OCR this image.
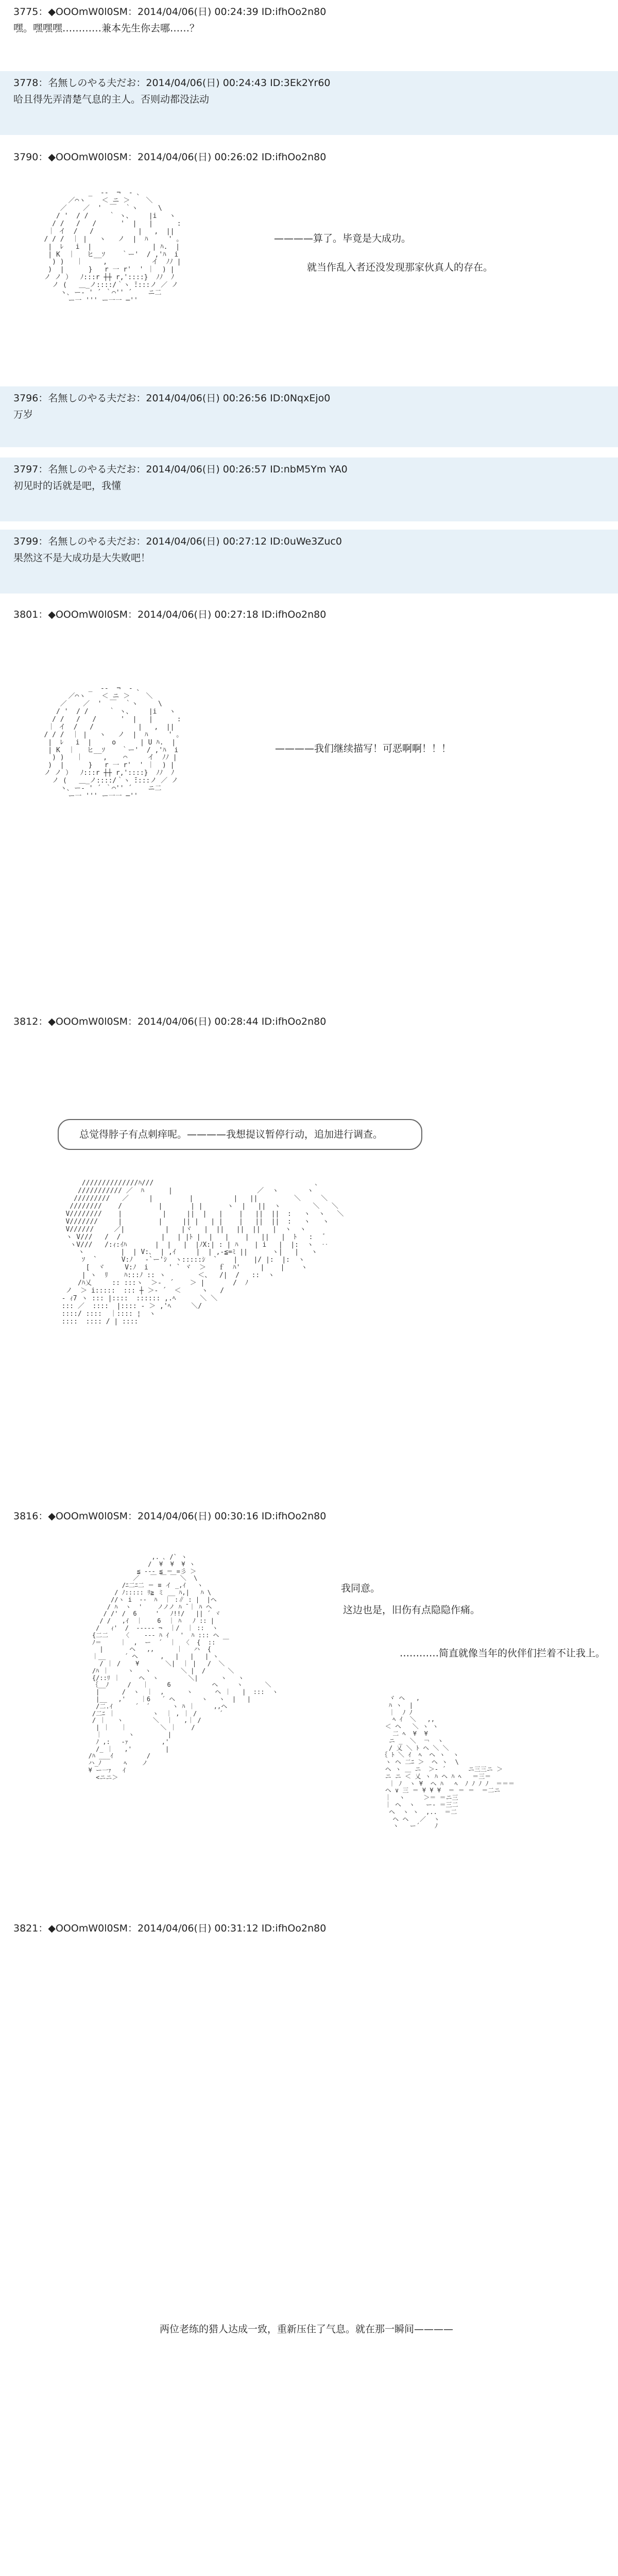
3775：◆OOOmW0l0SM：2014/04/06(日) 00:24:39 ID:ifhOo2n80
嘿。嘿嘿嘿…………兼本先生你去哪……？
3778：名無しのやる夫だお：2014/04/06(日) 00:24:43 ID:3Ek2Yr60
哈且得先弄清楚气息的主人。否则动都没法动
3790：◆OOOmW0l0SM：2014/04/06(日) 00:26:02 ID:ifhOo2n80
_  -‐  ¬  - ､
／⌒ヽ    ＜ ニ ＞    ＼
／    ／  '  ￣  ｀ヽ     \
/ '  / /     ｀ ヽ、    |i   ヽ
/ /   /   /      '  |   |      :
｜ イ  /   /           |   ,  ||
/ / /  ｜ |   ヽ   ノ  |  ﾊ     ' ｡
|  ﾚ   i  |               | ﾊ.  |
| K  ｜   ヒ__ｿ    ｀ー'  / ,'ﾊ  i
) )   ｜     ,           イ  ﾉﾉ |
)  |      }   r 一 r'  ' ｜  ) |
ノ ノ ）  ﾉ:::r ┼┼ r,'::::}  ﾉﾉ  ﾉ
ノ (   ＿_ノ::::/｀ヽ ̄::::ノ ／ ノ
ヽ､ ー‐ ' ´ ｀⌒'' ´    ニ二
ー一 ''' ー一一 ─''
————算了。毕竟是大成功。
就当作乱入者还没发现那家伙真人的存在。
3796：名無しのやる夫だお：2014/04/06(日) 00:26:56 ID:0NqxEjo0
万岁
3797：名無しのやる夫だお：2014/04/06(日) 00:26:57 ID:nbM5Ym YA0
初见时的话就是吧，我懂
3799：名無しのやる夫だお：2014/04/06(日) 00:27:12 ID:0uWe3Zuc0
果然这不是大成功是大失败吧！
3801：◆OOOmW0l0SM：2014/04/06(日) 00:27:18 ID:ifhOo2n80
_  -‐  ¬  - ､
／⌒ヽ    ＜ ニ ＞    ＼
／    ／  '  ￣  ｀ヽ     \
/ '  / /     ｀ ヽ、    |i   ヽ
/ /   /   /      '  |   |      :
｜ イ  /   /           |   ,  ||
/ / /  ｜ |   ヽ   ノ  |  ﾊ     ' ｡
|  ﾚ   i  |     o      | U ﾊ.  |
| K  ｜   ヒ__ｿ    ｀ー'  / ,'ﾊ  i
) )   ｜     ,    ⌒     イ  ﾉﾉ |
)  |      }   r 一 r'  ' ｜  ) |
ノ ノ ）  ﾉ:::r ┼┼ r,'::::}  ﾉﾉ  ﾉ
ノ (   ＿_ノ::::/｀ヽ ̄::::ノ ／ ノ
ヽ､ ー‐ ' ´ ｀⌒'' ´    ニ二
ー一 ''' ー一一 ─''
————我们继续描写！可恶啊啊！！！
3812：◆OOOmW0l0SM：2014/04/06(日) 00:28:44 ID:ifhOo2n80
总觉得脖子有点刺痒呢。————我想提议暂停行动，追加进行调查。
//////////////ﾊ///                                        ､
/////////// ／  ﾊ      |                     ／  ヽ       ヽ
/////////   ／     |         |          |   ||         ＼     ＼
////////    /         |       | |      ヽ  |   ||  ヽ        ＼   ＼
V////////    |          |     ||  |   |    |   ||  ||  :   ヽ  ヽ   ＼
V///////     |         |     || |   | |    |   ||  ||  :   ヽ   ヽ
V//////     ／|          |   |ヾ   |  ||   ||  ||   |  ヽ  ヽ
ヽ V///   /  /          |   | |ﾄ |  |   |    |   ||   |  ﾄ   :   ﾞ
ヽV///   /:ｨ:ｲﾊ       |  |   |  |ﾉX:| : | ﾊ    | i   |  |:  ヽ  ‥
ヽ         |  | V:､  | ,ｲ     |  | ,-≦=ﾐ ||      ヽ|   |   ヽ
ｿ  `      V:ﾉ   ‐`ー'ｼ  ヽ:::::ｼ  `    |    |/ |:  |:  ヽ
[  ヾ     V:ﾉ  i     ' ` ヾ  ＞   ｆ  ﾊ'     |    |    ヽ
| ヽ  ﾘ    ﾊ:::ﾉ :: ヽ        ＜、  /|  /   ::  ヽ
/ﾊ乂     :: :::ヽ  ＞‐  ´    ＞ |       /  ﾉ
ノ  ＞ i:::::  ::: ┼ ＞‐ ´  ＜     ヽ   /
‐ ｨ7 ヽ ::: |::::  :::::: ,.ﾍ      ＼ ＼
::: ／  ::::  |:::: ‐ ＞ ,'ﾍ     ＼/
::::/ ::::  ｜:::: ¦  ヽ
::::  :::: / | ::::
3816：◆OOOmW0l0SM：2014/04/06(日) 00:30:16 ID:ifhOo2n80
,. ､ /` ヽ
/  ¥  ¥  ¥ ヽ
≦ -‐‐ ≦ ＝ =彡 ＞
／   ￣ ￣ ￣ ＼  \
/ﾆ二ﾆ二 ＝ ≡ イ _,ｲ   ヽ
/ ﾉ::::: ﾘ≧ ミ __ ﾊ,|   ﾊ \
//ヽ i  --  ﾊ  ｜ :∥ : |  |ヘ
/ ﾊ  ヽ  '    ノノノ ﾊ ̄ ｜ ﾊ ヘ
/ /' /  6     '   ﾉ!!/   || ´ ヾ
/ /   ,ｲ  ｜    6  ｜ ﾊ   ﾉ :: |
/   ｨ'  /  ‐‐‐‐‐ ¬  ｜/  ｜ ::  ヽ
{二二    〈    ‐‐- ﾊ ｲ   '  ﾊ ::: ヘ
ﾉ＝     ｜  ,  ー  ´  ｜  〈  {  ::  ￣
|       ヘ   ,,      ｜   ハ  {
｜__     ´ ヘ      ,   |   |   | ヽ
/ ｜ /    ¥       ＼|  ｜ |   /  ＼
/ﾊ ｜     ヽ   ヽ        ＼ |  /      ＼
{/::ﾘ ｜     ヘ  ヽ        ＼|      ヽ   ヽ
｛__ﾉ     /   ｜     6           ヘ     ヽ      ＼
|      /  ヽ  ｜  ,      ヽ      ヘ ｜   |  :::  ヽ
|__   ,'    ｜6   ´ ヘ       ヽ   ヽ  |   |
/二.ｲ      ´  ´      ヽ ﾊ ｜     ,,ヘ
/二ﾆ ｜          ヽ  ｜ , ｜ /      ´
/ ｜   ヽ        ＼  ｜   ,｜ /
| ｜   ｜         ＼ ｜    /
｜       ヽ         |
ﾉ ,:   -ｧ         ,'
/_ ｜   ,'         |
/ﾊ ___ｲ         /
ハ_ﾉ      ﾍ    ノ
¥ ー一ｧ   ｲ
<ニニ＞
ヾ ヘ   ,
ﾊ ヽ  |
｜  ﾉ ﾉ
ﾍ ｲ  ＼   ,,
＜ ヘ   ＼ ヽ ヽ
二 ﾍ  ¥  ¥
ニ _  ＼  ￢  ヽ
/ 乂 ＼ ﾄ ヘ ＼ ＼
｛ ﾄ ＼ ｲ  ﾍ  ヘ ヽ  ヽ
ヽ ヘ 二ﾆ ＞  ヘ ヽ  \
ヘ ヽ ＿ ニ  ＞‐ ´      ニ三三ニ ＞
ニ ニ ＜ 乂 ヽ ﾊ ヘ ﾊ ﾍ   ＝三＝
｜ ﾉ  ヽ ¥  ヘ ﾊ   ﾍ  ﾉ ﾉ ﾉ ﾉ  ＝＝＝
ヘ ∨ 三 ＝ ¥ ¥ ¥  ＝ ＝ ＝  ＝二ニ
｜  ヽ     ＞＝ ＝ニ三
｜ ヘ  ヽ   ー‐ ＝三二
ヘ  ヽ ヽ  ,..  ＝二
ヘ ヘ   ／  ヽ
ヽ   ー´    ﾉ
我同意。
这边也是，旧伤有点隐隐作痛。
…………简直就像当年的伙伴们拦着不让我上。
3821：◆OOOmW0l0SM：2014/04/06(日) 00:31:12 ID:ifhOo2n80
两位老练的猎人达成一致，重新压住了气息。就在那一瞬间————
